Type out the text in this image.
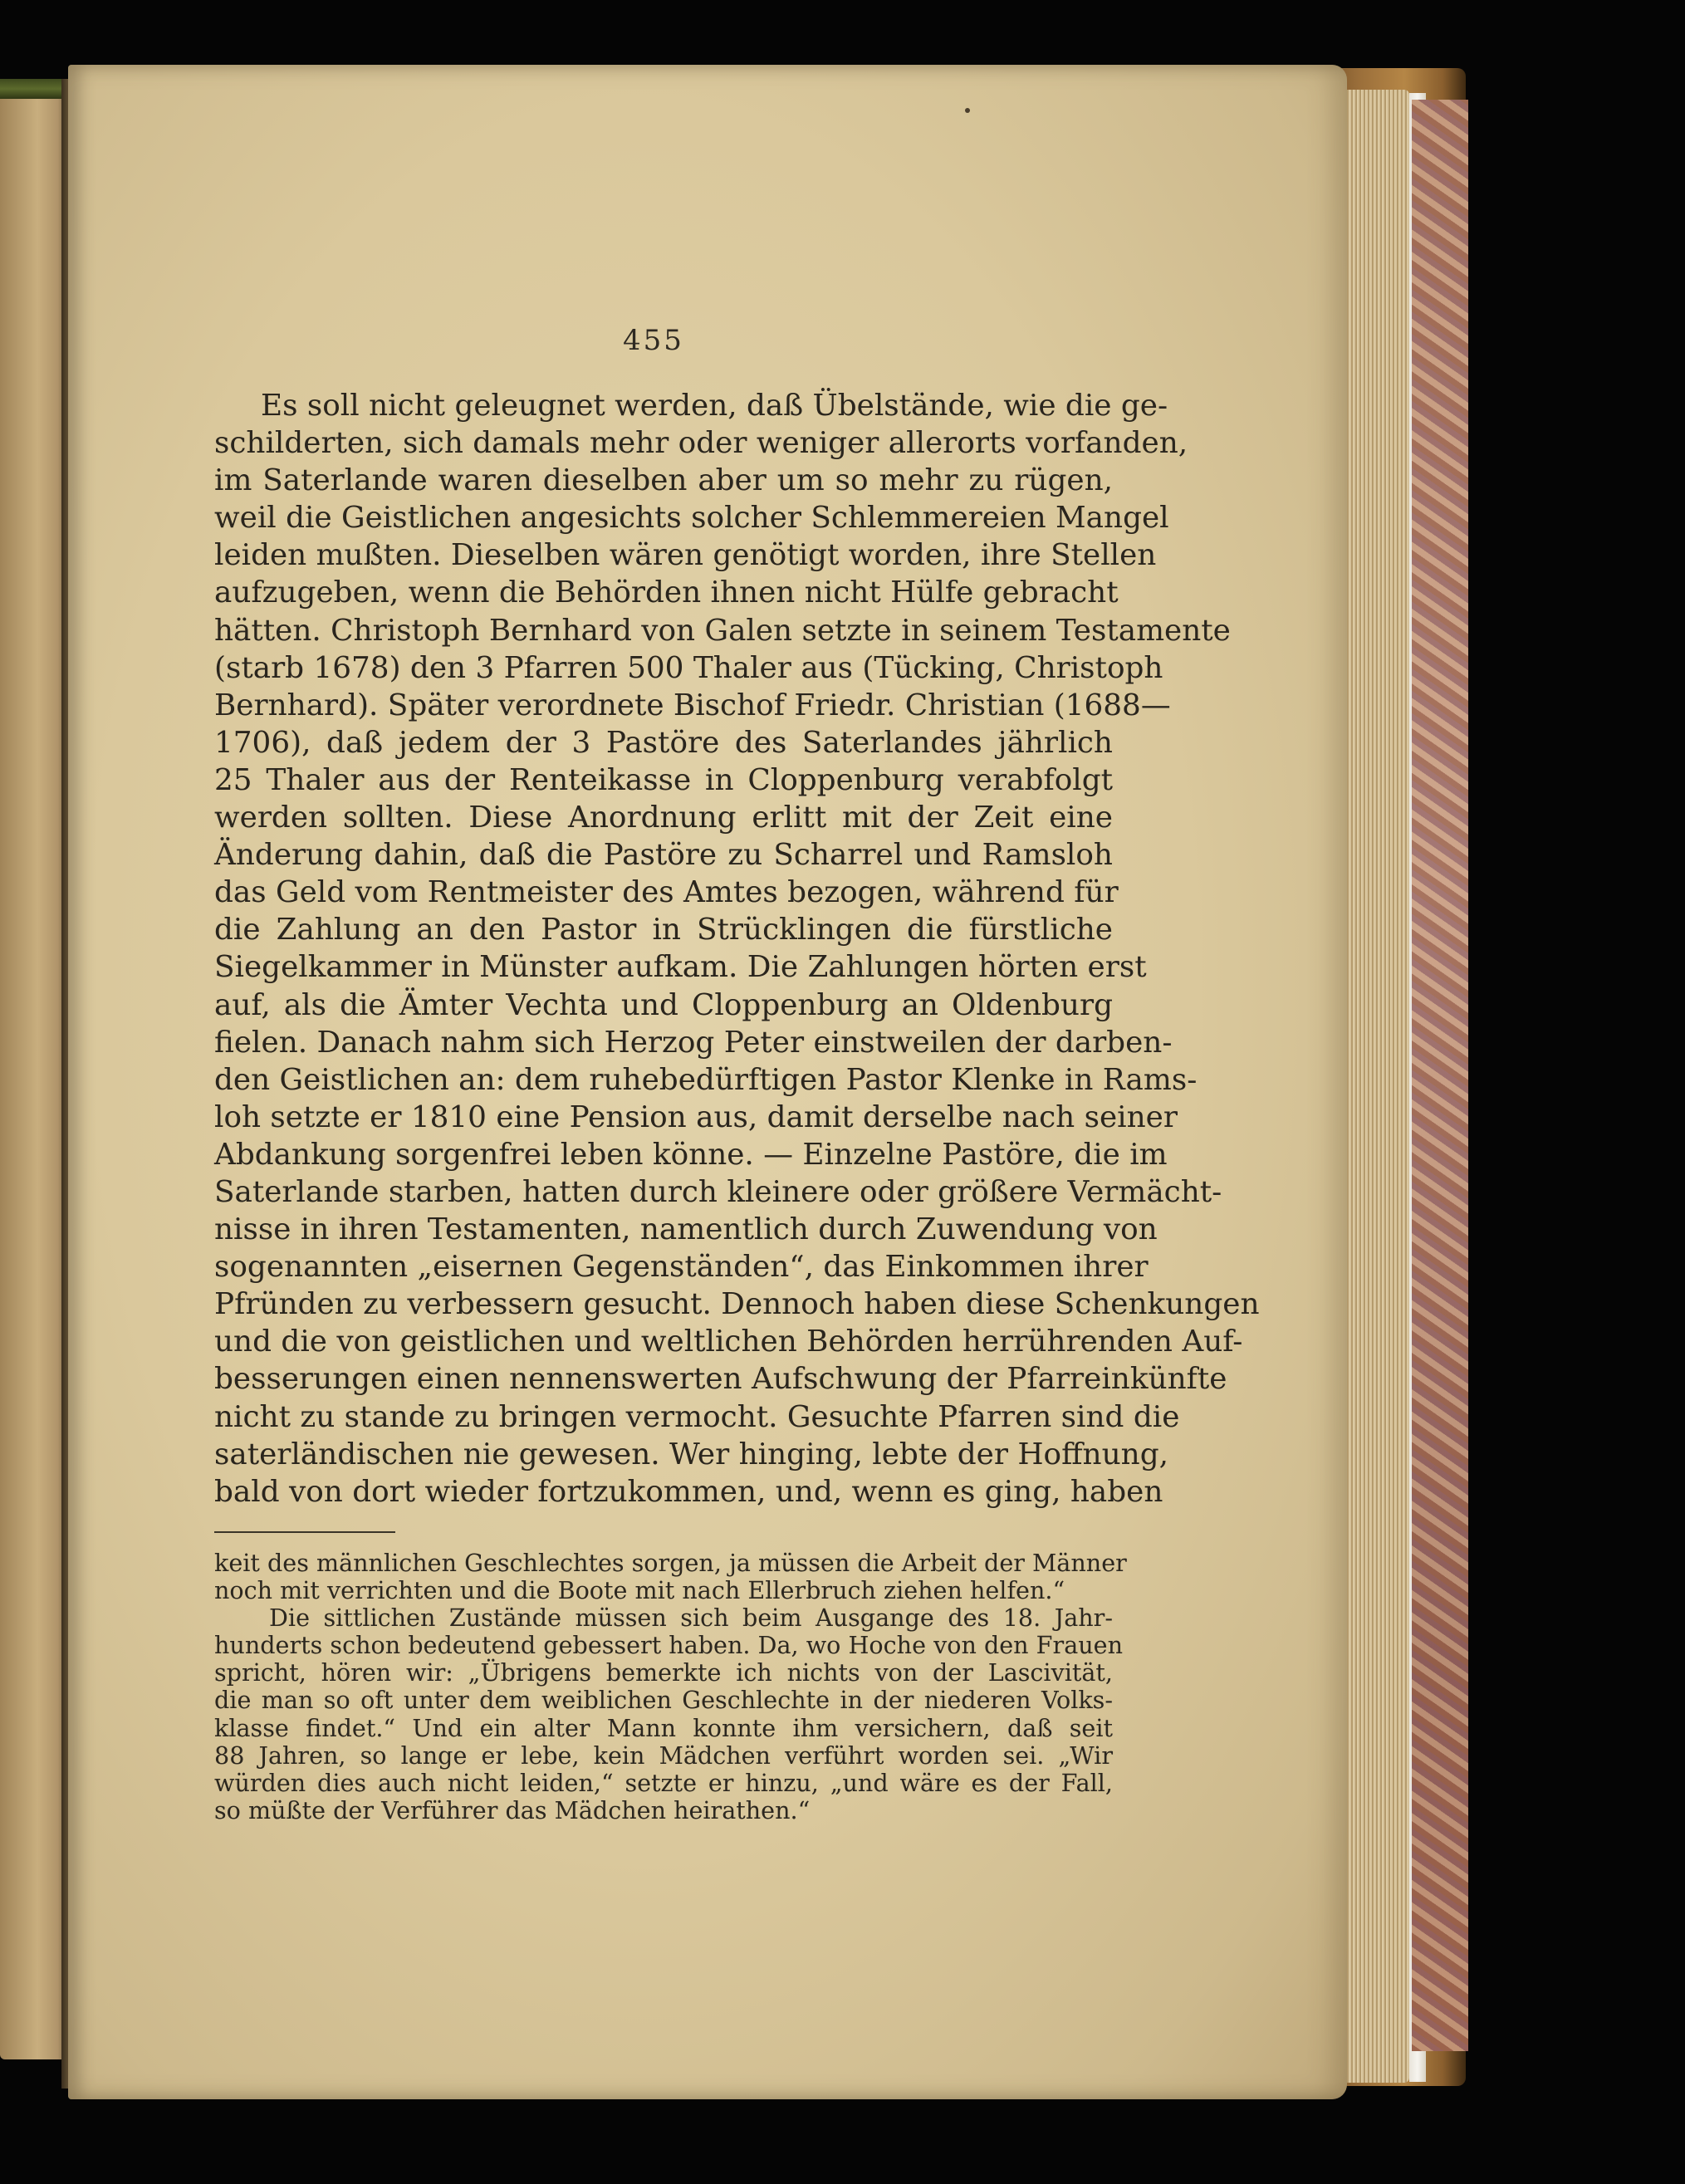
455
Es soll nicht geleugnet werden, daß Übelstände, wie die ge-
schilderten, sich damals mehr oder weniger allerorts vorfanden,
im Saterlande waren dieselben aber um so mehr zu rügen,
weil die Geistlichen angesichts solcher Schlemmereien Mangel
leiden mußten. Dieselben wären genötigt worden, ihre Stellen
aufzugeben, wenn die Behörden ihnen nicht Hülfe gebracht
hätten. Christoph Bernhard von Galen setzte in seinem Testamente
(starb 1678) den 3 Pfarren 500 Thaler aus (Tücking, Christoph
Bernhard). Später verordnete Bischof Friedr. Christian (1688—
1706), daß jedem der 3 Pastöre des Saterlandes jährlich
25 Thaler aus der Renteikasse in Cloppenburg verabfolgt
werden sollten. Diese Anordnung erlitt mit der Zeit eine
Änderung dahin, daß die Pastöre zu Scharrel und Ramsloh
das Geld vom Rentmeister des Amtes bezogen, während für
die Zahlung an den Pastor in Strücklingen die fürstliche
Siegelkammer in Münster aufkam. Die Zahlungen hörten erst
auf, als die Ämter Vechta und Cloppenburg an Oldenburg
fielen. Danach nahm sich Herzog Peter einstweilen der darben-
den Geistlichen an: dem ruhebedürftigen Pastor Klenke in Rams-
loh setzte er 1810 eine Pension aus, damit derselbe nach seiner
Abdankung sorgenfrei leben könne. — Einzelne Pastöre, die im
Saterlande starben, hatten durch kleinere oder größere Vermächt-
nisse in ihren Testamenten, namentlich durch Zuwendung von
sogenannten „eisernen Gegenständen“, das Einkommen ihrer
Pfründen zu verbessern gesucht. Dennoch haben diese Schenkungen
und die von geistlichen und weltlichen Behörden herrührenden Auf-
besserungen einen nennenswerten Aufschwung der Pfarreinkünfte
nicht zu stande zu bringen vermocht. Gesuchte Pfarren sind die
saterländischen nie gewesen. Wer hinging, lebte der Hoffnung,
bald von dort wieder fortzukommen, und, wenn es ging, haben
keit des männlichen Geschlechtes sorgen, ja müssen die Arbeit der Männer
noch mit verrichten und die Boote mit nach Ellerbruch ziehen helfen.“
Die sittlichen Zustände müssen sich beim Ausgange des 18. Jahr-
hunderts schon bedeutend gebessert haben. Da, wo Hoche von den Frauen
spricht, hören wir: „Übrigens bemerkte ich nichts von der Lascivität,
die man so oft unter dem weiblichen Geschlechte in der niederen Volks-
klasse findet.“ Und ein alter Mann konnte ihm versichern, daß seit
88 Jahren, so lange er lebe, kein Mädchen verführt worden sei. „Wir
würden dies auch nicht leiden,“ setzte er hinzu, „und wäre es der Fall,
so müßte der Verführer das Mädchen heirathen.“
